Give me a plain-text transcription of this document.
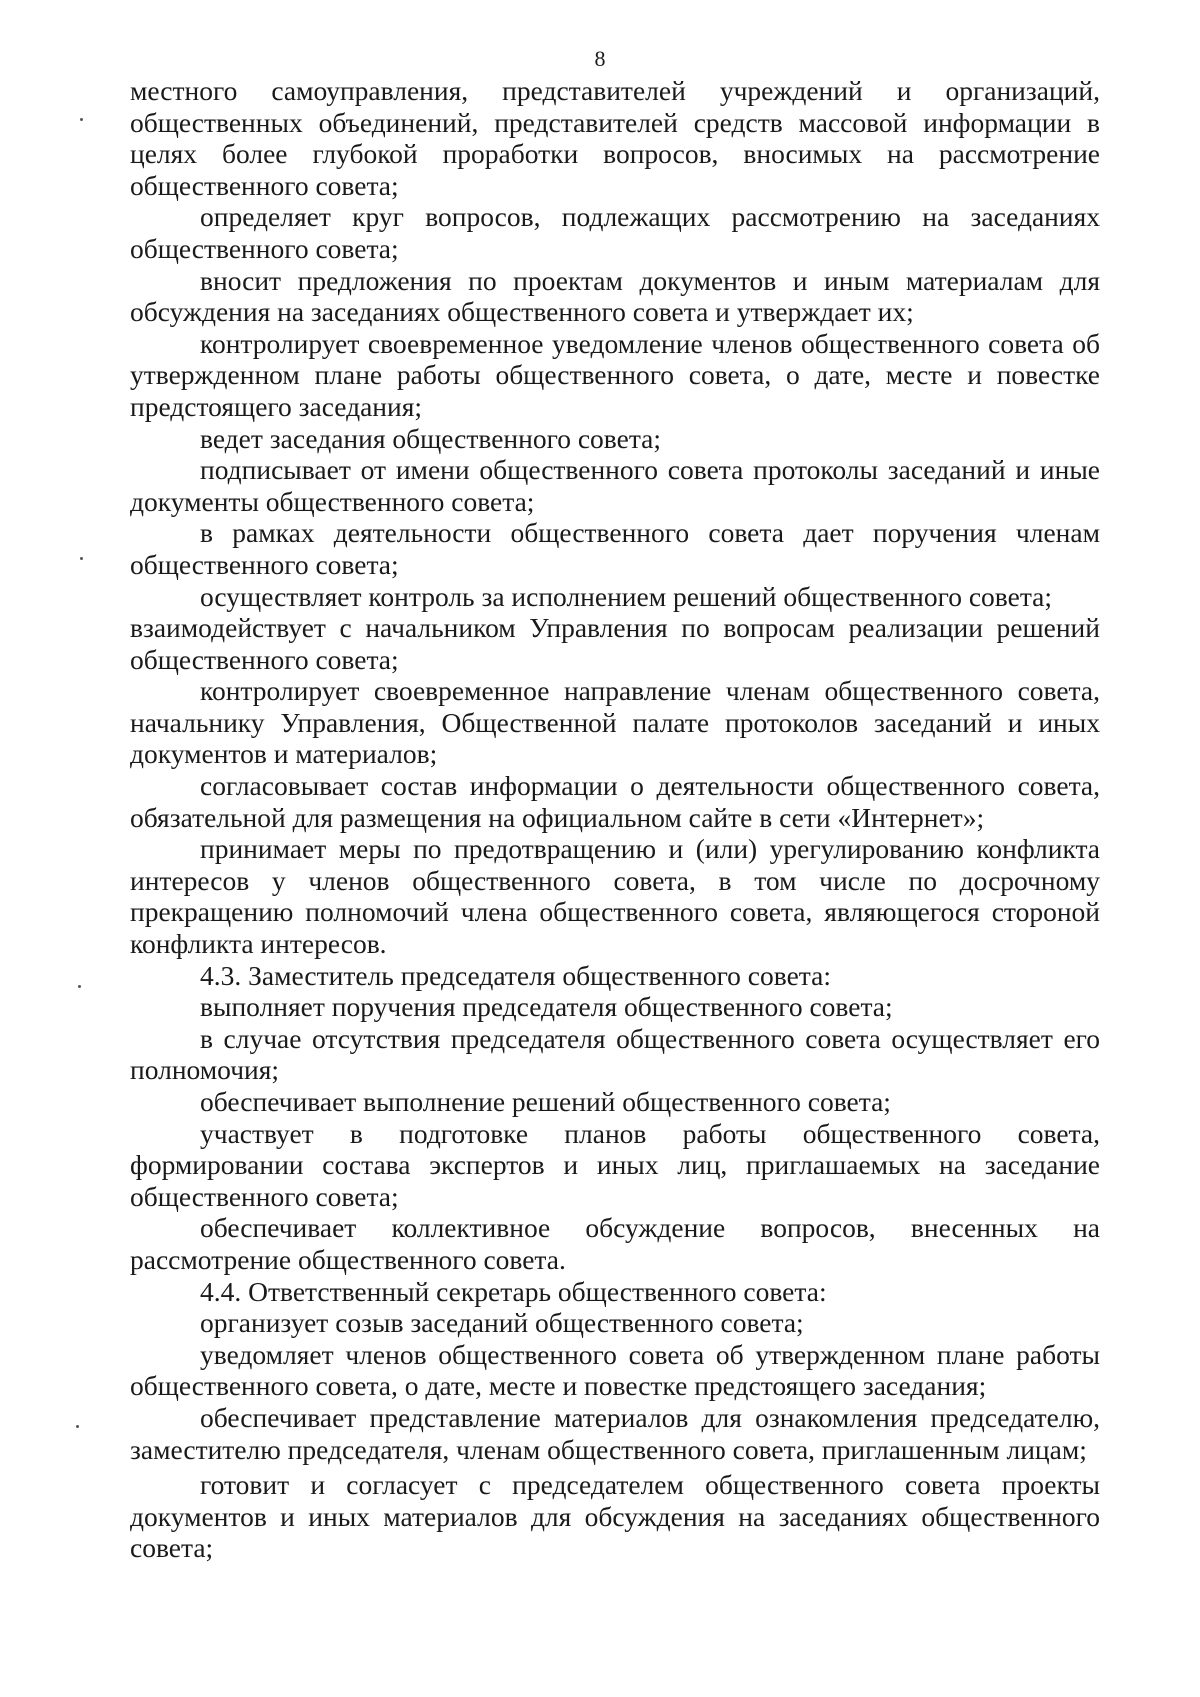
8

местного самоуправления, представителей учреждений и организаций, общественных объединений, представителей средств массовой информации в целях более глубокой проработки вопросов, вносимых на рассмотрение общественного совета;

определяет круг вопросов, подлежащих рассмотрению на заседаниях общественного совета;

вносит предложения по проектам документов и иным материалам для обсуждения на заседаниях общественного совета и утверждает их;

контролирует своевременное уведомление членов общественного совета об утвержденном плане работы общественного совета, о дате, месте и повестке предстоящего заседания;

ведет заседания общественного совета;

подписывает от имени общественного совета протоколы заседаний и иные документы общественного совета;

в рамках деятельности общественного совета дает поручения членам общественного совета;

осуществляет контроль за исполнением решений общественного совета;

взаимодействует с начальником Управления по вопросам реализации решений общественного совета;

контролирует своевременное направление членам общественного совета, начальнику Управления, Общественной палате протоколов заседаний и иных документов и материалов;

согласовывает состав информации о деятельности общественного совета, обязательной для размещения на официальном сайте в сети «Интернет»;

принимает меры по предотвращению и (или) урегулированию конфликта интересов у членов общественного совета, в том числе по досрочному прекращению полномочий члена общественного совета, являющегося стороной конфликта интересов.

4.3. Заместитель председателя общественного совета:

выполняет поручения председателя общественного совета;

в случае отсутствия председателя общественного совета осуществляет его полномочия;

обеспечивает выполнение решений общественного совета;

участвует в подготовке планов работы общественного совета, формировании состава экспертов и иных лиц, приглашаемых на заседание общественного совета;

обеспечивает коллективное обсуждение вопросов, внесенных на рассмотрение общественного совета.

4.4. Ответственный секретарь общественного совета:

организует созыв заседаний общественного совета;

уведомляет членов общественного совета об утвержденном плане работы общественного совета, о дате, месте и повестке предстоящего заседания;

обеспечивает представление материалов для ознакомления председателю, заместителю председателя, членам общественного совета, приглашенным лицам;

готовит и согласует с председателем общественного совета проекты документов и иных материалов для обсуждения на заседаниях общественного совета;
